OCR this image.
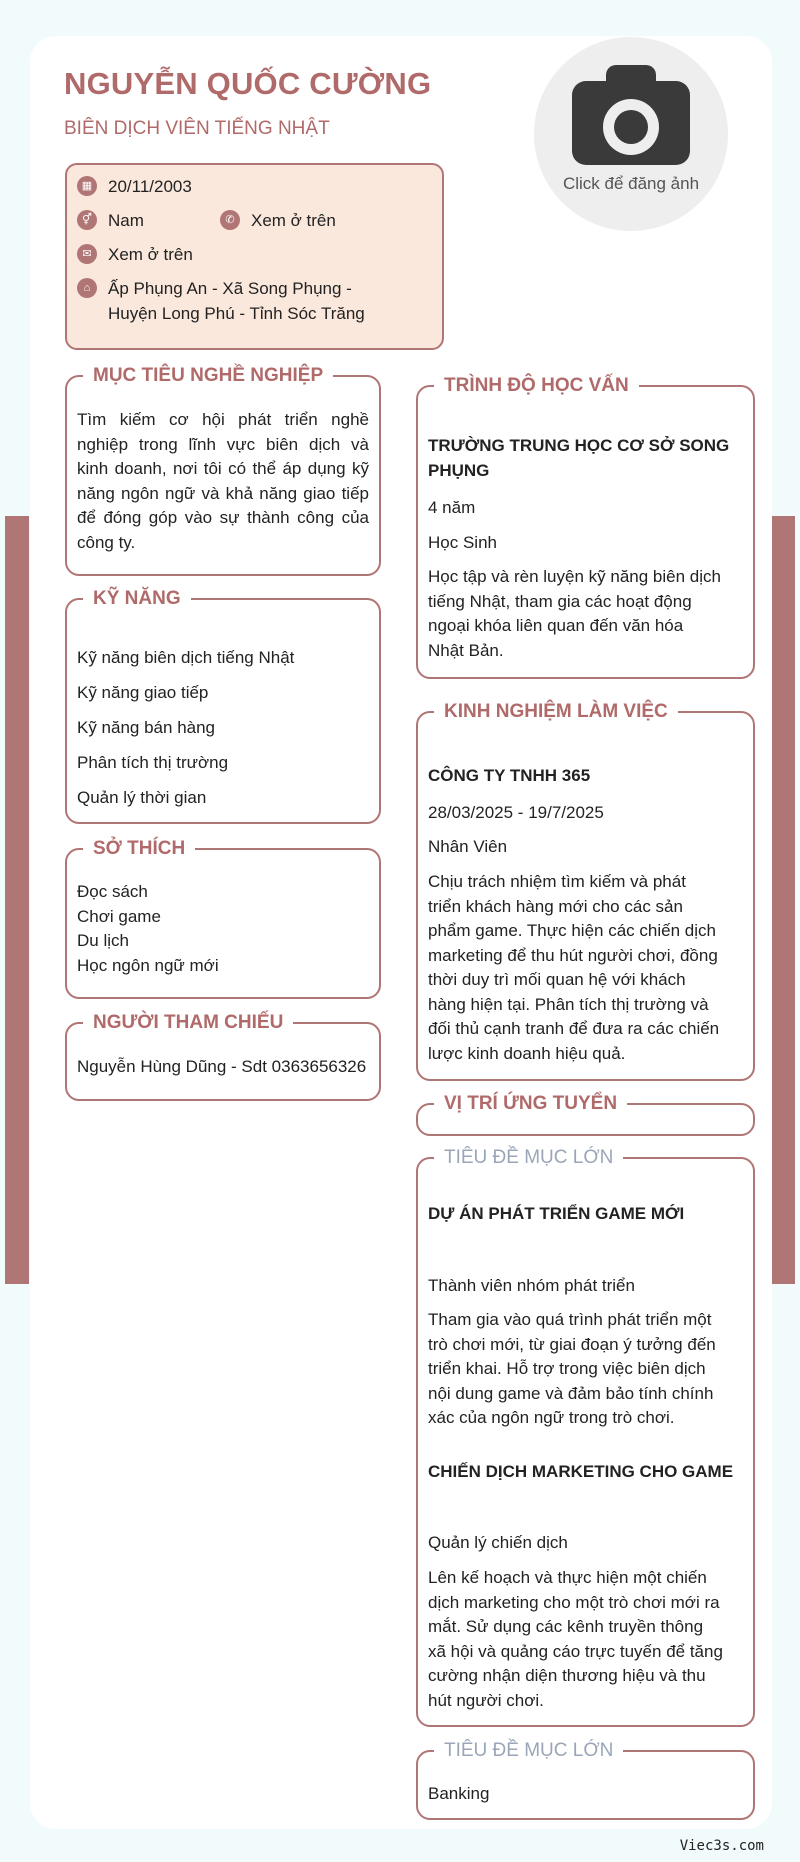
NGUYỄN QUỐC CƯỜNG
BIÊN DỊCH VIÊN TIẾNG NHẬT
Click để đăng ảnh
▦ 20/11/2003
⚥ Nam	✆ Xem ở trên
✉ Xem ở trên
⌂	Ấp Phụng An - Xã Song Phụng -
Huyện Long Phú - Tỉnh Sóc Trăng
MỤC TIÊU NGHỀ NGHIỆP
Tìm kiếm cơ hội phát triển nghề
nghiệp trong lĩnh vực biên dịch và
kinh doanh, nơi tôi có thể áp dụng kỹ
năng ngôn ngữ và khả năng giao tiếp
để đóng góp vào sự thành công của
công ty.
KỸ NĂNG
Kỹ năng biên dịch tiếng Nhật
Kỹ năng giao tiếp
Kỹ năng bán hàng
Phân tích thị trường
Quản lý thời gian
SỞ THÍCH
Đọc sách
Chơi game
Du lịch
Học ngôn ngữ mới
NGƯỜI THAM CHIẾU
Nguyễn Hùng Dũng - Sdt 0363656326
TRÌNH ĐỘ HỌC VẤN
TRƯỜNG TRUNG HỌC CƠ SỞ SONG
PHỤNG
4 năm
Học Sinh
Học tập và rèn luyện kỹ năng biên dịch
tiếng Nhật, tham gia các hoạt động
ngoại khóa liên quan đến văn hóa
Nhật Bản.
KINH NGHIỆM LÀM VIỆC
CÔNG TY TNHH 365
28/03/2025 - 19/7/2025
Nhân Viên
Chịu trách nhiệm tìm kiếm và phát
triển khách hàng mới cho các sản
phẩm game. Thực hiện các chiến dịch
marketing để thu hút người chơi, đồng
thời duy trì mối quan hệ với khách
hàng hiện tại. Phân tích thị trường và
đối thủ cạnh tranh để đưa ra các chiến
lược kinh doanh hiệu quả.
VỊ TRÍ ỨNG TUYỂN
TIÊU ĐỀ MỤC LỚN
DỰ ÁN PHÁT TRIỂN GAME MỚI
Thành viên nhóm phát triển
Tham gia vào quá trình phát triển một
trò chơi mới, từ giai đoạn ý tưởng đến
triển khai. Hỗ trợ trong việc biên dịch
nội dung game và đảm bảo tính chính
xác của ngôn ngữ trong trò chơi.
CHIẾN DỊCH MARKETING CHO GAME
Quản lý chiến dịch
Lên kế hoạch và thực hiện một chiến
dịch marketing cho một trò chơi mới ra
mắt. Sử dụng các kênh truyền thông
xã hội và quảng cáo trực tuyến để tăng
cường nhận diện thương hiệu và thu
hút người chơi.
TIÊU ĐỀ MỤC LỚN
Banking
Viec3s.com
